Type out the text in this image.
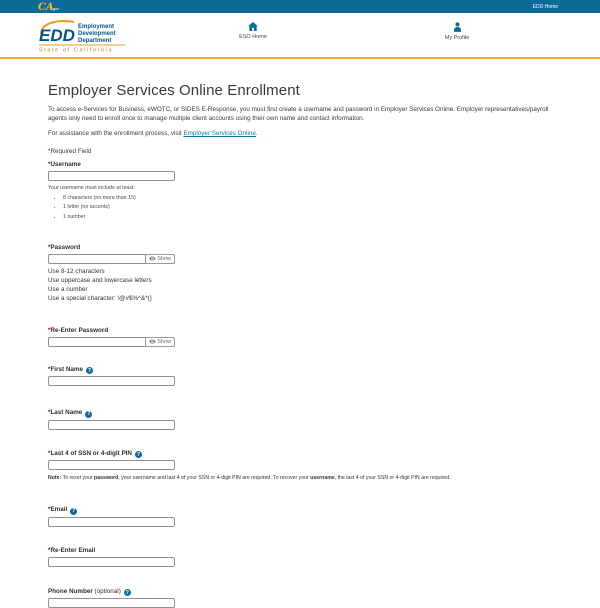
CAgov	EDD Home
EDD Employment
Development
Department
State of California
ESO Home	My Profile
Employer Services Online Enrollment

To access e-Services for Business, eWOTC, or SIDES E-Response, you must first create a username and password in Employer Services Online. Employer representatives/payroll agents only need to enroll once to manage multiple client accounts using their own name and contact information.

For assistance with the enrollment process, visit Employer Services Online.

*Required Field

*Username
Your username must include at least:
• 8 characters (no more than 15)
• 1 letter (no accents)
• 1 number
*Password
Show
Use 8-12 characters
Use uppercase and lowercase letters
Use a number
Use a special character: !@#$%^&*()
*Re-Enter Password
Show
*First Name?
*Last Name?
*Last 4 of SSN or 4-digit PIN?

Note: To reset your password, your username and last 4 of your SSN or 4-digit PIN are required. To recover your username, the last 4 of your SSN or 4-digit PIN are required.

*Email?
*Re-Enter Email
Phone Number (optional)?
